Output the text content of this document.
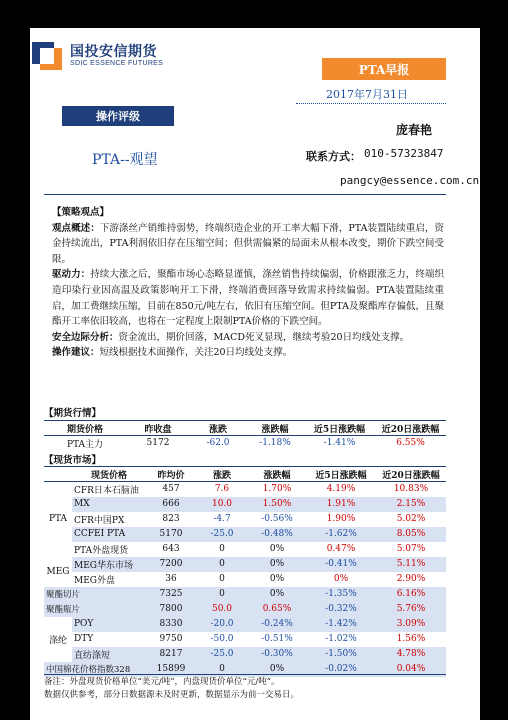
国投安信期货
SDIC ESSENCE FUTURES	PTA早报
2017年7月31日
操作评级
庞春艳
PTA--观望	联系方式： 010-57323847
pangcy@essence.com.cn

【策略观点】

观点概述：下游涤丝产销维持弱势，终端织造企业的开工率大幅下滑，PTA装置陆续重启，资金持续流出，PTA利润依旧存在压缩空间；但供需偏紧的局面未从根本改变，期价下跌空间受限。

驱动力：持续大涨之后，聚酯市场心态略显谨慎，涤丝销售持续偏弱，价格跟涨乏力，终端织造印染行业因高温及政策影响开工下滑，终端消费回落导致需求持续偏弱。PTA装置陆续重启，加工费继续压缩，目前在850元/吨左右，依旧有压缩空间。但PTA及聚酯库存偏低，且聚酯开工率依旧较高，也将在一定程度上限制PTA价格的下跌空间。

安全边际分析：资金流出，期价回落，MACD死叉显现，继续考验20日均线处支撑。

操作建议：短线根据技术面操作，关注20日均线处支撑。

【期货行情】
期货价格	昨收盘	涨跌	涨跌幅	近5日涨跌幅	近20日涨跌幅
PTA主力	5172	-62.0	-1.18%	-1.41%	6.55%
【现货市场】
	现货价格	昨均价	涨跌	涨跌幅	近5日涨跌幅	近20日涨跌幅
PTA	CFR日本石脑油	457	7.6	1.70%	4.19%	10.83%
	MX	666	10.0	1.50%	1.91%	2.15%
	CFR中国PX	823	-4.7	-0.56%	1.90%	5.02%
	CCFEI PTA	5170	-25.0	-0.48%	-1.62%	8.05%
	PTA外盘现货	643	0	0%	0.47%	5.07%
MEG	MEG华东市场	7200	0	0%	-0.41%	5.11%
	MEG外盘	36	0	0%	0%	2.90%
聚酯切片		7325	0	0%	-1.35%	6.16%
聚酯瓶片		7800	50.0	0.65%	-0.32%	5.76%
涤纶	POY	8330	-20.0	-0.24%	-1.42%	3.09%
	DTY	9750	-50.0	-0.51%	-1.02%	1.56%
	直纺涤短	8217	-25.0	-0.30%	-1.50%	4.78%
中国棉花价格指数328		15899	0	0%	-0.02%	0.04%
备注：外盘现货价格单位“美元/吨”，内盘现货价单位“元/吨”。
数据仅供参考，部分日数据源未及时更新，数据显示为前一交易日。
